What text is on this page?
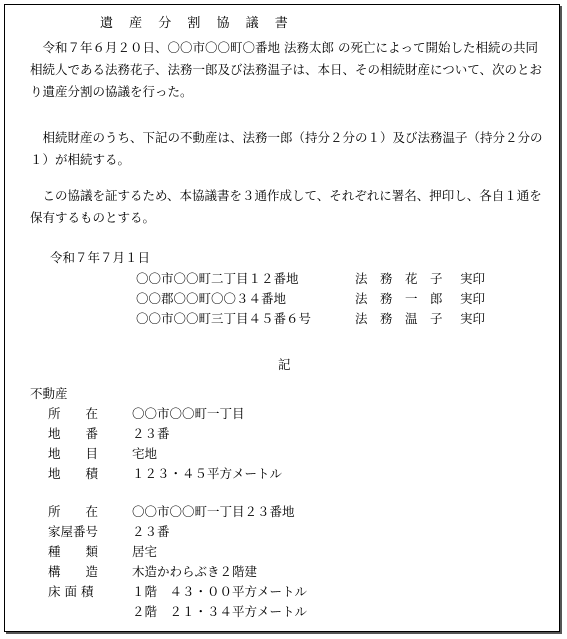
遺 産 分 割 協 議 書
　令和７年６月２０日、〇〇市〇〇町〇番地 法務太郎 の死亡によって開始した相続の共同相続人である法務花子、法務一郎及び法務温子は、本日、その相続財産について、次のとおり遺産分割の協議を行った。
　相続財産のうち、下記の不動産は、法務一郎（持分２分の１）及び法務温子（持分２分の１）が相続する。
　この協議を証するため、本協議書を３通作成して、それぞれに署名、押印し、各自１通を保有するものとする。
令和７年７月１日
〇〇市〇〇町二丁目１２番地	法　務　花　子 実印
〇〇郡〇〇町〇〇３４番地	法　務　一　郎 実印
〇〇市〇〇町三丁目４５番６号	法　務　温　子 実印
記
不動産
所　　在	〇〇市〇〇町一丁目
地　　番	２３番
地　　目	宅地
地　　積	１２３・４５平方メートル
所　　在	〇〇市〇〇町一丁目２３番地
家屋番号	２３番
種　　類	居宅
構　　造	木造かわらぶき２階建
床 面 積	１階　４３・００平方メートル
２階　２１・３４平方メートル
